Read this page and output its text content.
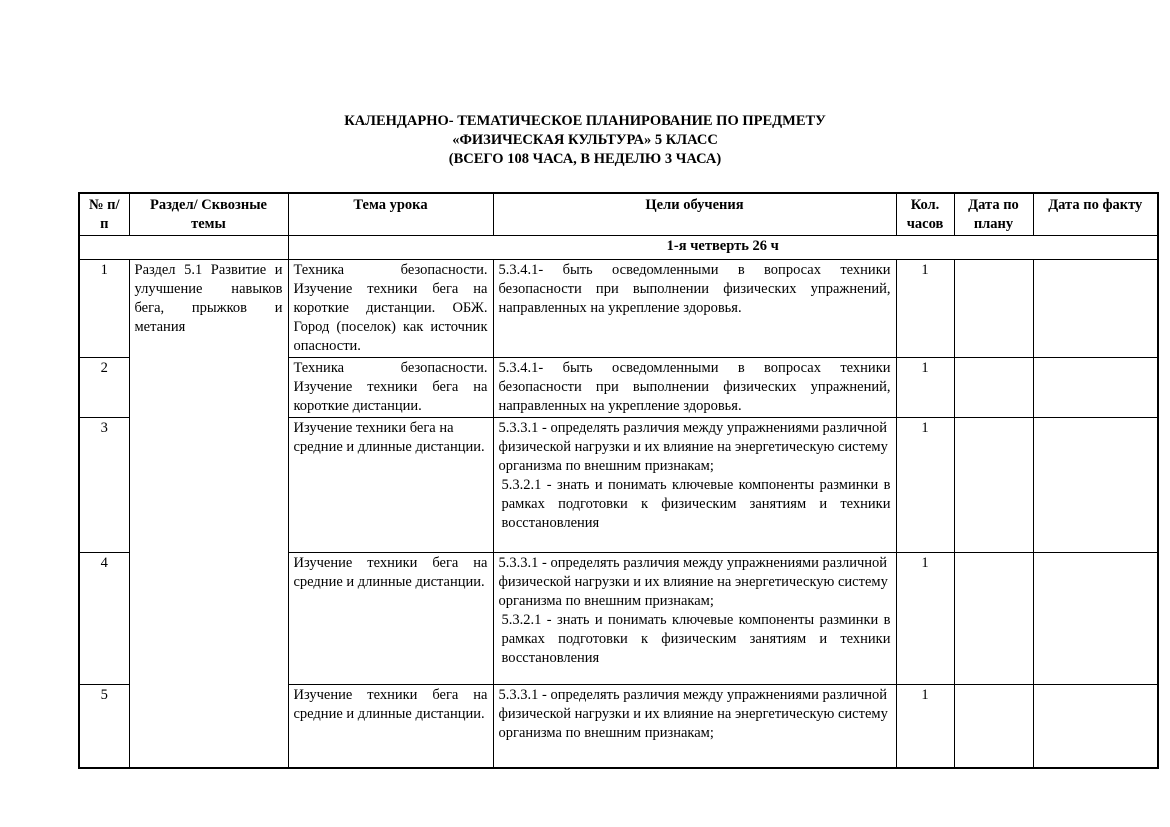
КАЛЕНДАРНО- ТЕМАТИЧЕСКОЕ ПЛАНИРОВАНИЕ ПО ПРЕДМЕТУ
«ФИЗИЧЕСКАЯ КУЛЬТУРА» 5 КЛАСС
(ВСЕГО 108 ЧАСА, В НЕДЕЛЮ 3 ЧАСА)
№ п/п	Раздел/ Сквозные темы	Тема урока	Цели обучения	Кол. часов	Дата по плану	Дата по факту
		1-я четверть 26 ч				
1	Раздел 5.1 Развитие и улучшение навыков бега, прыжков и метания	Техника безопасности. Изучение техники бега на короткие дистанции. ОБЖ. Город (поселок) как источник опасности.	5.3.4.1- быть осведомленными в вопросах техники безопасности при выполнении физических упражнений, направленных на укрепление здоровья.	1		
2		Техника безопасности. Изучение техники бега на короткие дистанции.	5.3.4.1- быть осведомленными в вопросах техники безопасности при выполнении физических упражнений, направленных на укрепление здоровья.	1		
3		Изучение техники бега на средние и длинные дистанции.	5.3.3.1 - определять различия между упражнениями различной физической нагрузки и их влияние на энергетическую систему организма по внешним признакам;
5.3.2.1 - знать и понимать ключевые компоненты разминки в рамках подготовки к физическим занятиям и техники восстановления	1		
4		Изучение техники бега на средние и длинные дистанции.	5.3.3.1 - определять различия между упражнениями различной физической нагрузки и их влияние на энергетическую систему организма по внешним признакам;
5.3.2.1 - знать и понимать ключевые компоненты разминки в рамках подготовки к физическим занятиям и техники восстановления	1		
5		Изучение техники бега на средние и длинные дистанции.	5.3.3.1 - определять различия между упражнениями различной физической нагрузки и их влияние на энергетическую систему организма по внешним признакам;	1		
